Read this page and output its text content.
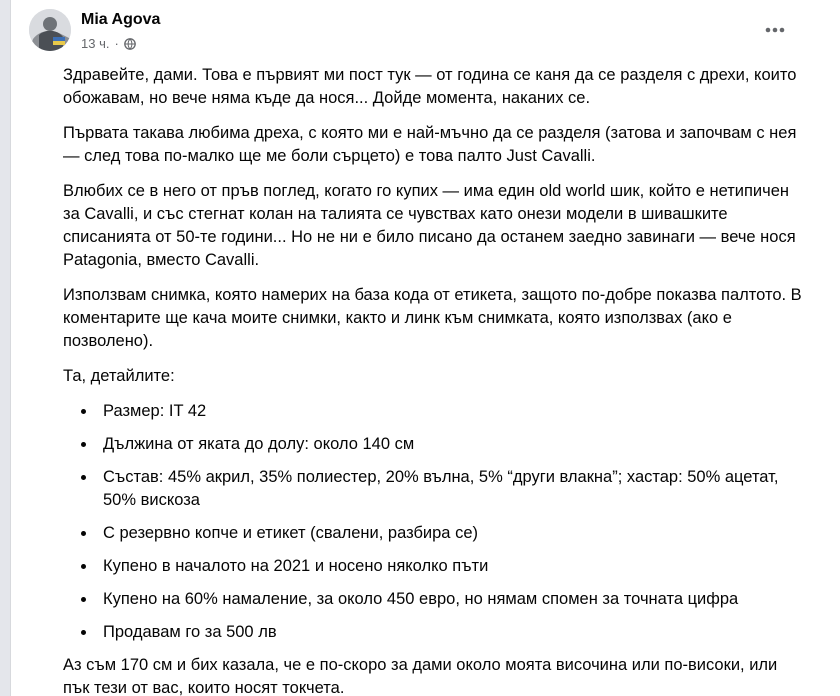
Mia Agova
13 ч. ·

Здравейте, дами. Това е първият ми пост тук — от година се каня да се разделя с дрехи, които обожавам, но вече няма къде да нося... Дойде момента, наканих се.

Първата такава любима дреха, с която ми е най-мъчно да се разделя (затова и започвам с нея — след това по-малко ще ме боли сърцето) е това палто Just Cavalli.

Влюбих се в него от пръв поглед, когато го купих — има един old world шик, който е нетипичен за Cavalli, и със стегнат колан на талията се чувствах като онези модели в шивашките списанията от 50-те години... Но не ни е било писано да останем заедно завинаги — вече нося Patagonia, вместо Cavalli.

Използвам снимка, която намерих на база кода от етикета, защото по-добре показва палтото. В коментарите ще кача моите снимки, както и линк към снимката, която използвах (ако е позволено).

Та, детайлите:

• Размер: IT 42
• Дължина от яката до долу: около 140 см
• Състав: 45% акрил, 35% полиестер, 20% вълна, 5% “други влакна”; хастар: 50% ацетат, 50% вискоза
• С резервно копче и етикет (свалени, разбира се)
• Купено в началото на 2021 и носено няколко пъти
• Купено на 60% намаление, за около 450 евро, но нямам спомен за точната цифра
• Продавам го за 500 лв

Аз съм 170 см и бих казала, че е по-скоро за дами около моята височина или по-високи, или пък тези от вас, които носят токчета.
